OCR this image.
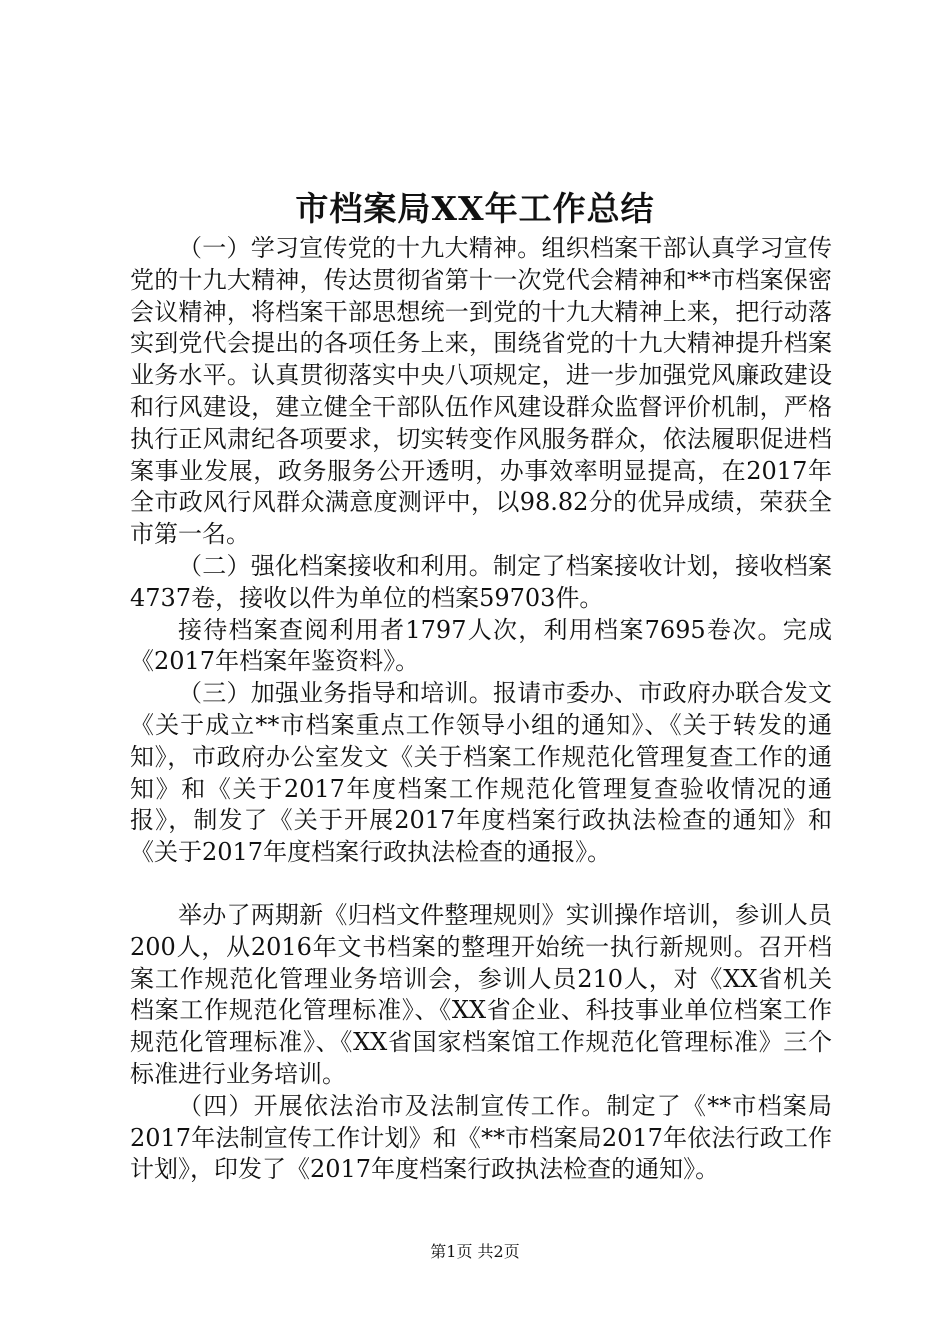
市档案局XX年工作总结

（一）学习宣传党的十九大精神。组织档案干部认真学习宣传党的十九大精神，传达贯彻省第十一次党代会精神和**市档案保密会议精神，将档案干部思想统一到党的十九大精神上来，把行动落实到党代会提出的各项任务上来，围绕省党的十九大精神提升档案业务水平。认真贯彻落实中央八项规定，进一步加强党风廉政建设和行风建设，建立健全干部队伍作风建设群众监督评价机制，严格执行正风肃纪各项要求，切实转变作风服务群众，依法履职促进档案事业发展，政务服务公开透明，办事效率明显提高，在2017年全市政风行风群众满意度测评中，以98.82分的优异成绩，荣获全市第一名。

（二）强化档案接收和利用。制定了档案接收计划，接收档案4737卷，接收以件为单位的档案59703件。

接待档案查阅利用者1797人次，利用档案7695卷次。完成《2017年档案年鉴资料》。

（三）加强业务指导和培训。报请市委办、市政府办联合发文《关于成立**市档案重点工作领导小组的通知》、《关于转发的通知》，市政府办公室发文《关于档案工作规范化管理复查工作的通知》和《关于2017年度档案工作规范化管理复查验收情况的通报》，制发了《关于开展2017年度档案行政执法检查的通知》和《关于2017年度档案行政执法检查的通报》。

举办了两期新《归档文件整理规则》实训操作培训，参训人员200人，从2016年文书档案的整理开始统一执行新规则。召开档案工作规范化管理业务培训会，参训人员210人，对《XX省机关档案工作规范化管理标准》、《XX省企业、科技事业单位档案工作规范化管理标准》、《XX省国家档案馆工作规范化管理标准》三个标准进行业务培训。

（四）开展依法治市及法制宣传工作。制定了《**市档案局2017年法制宣传工作计划》和《**市档案局2017年依法行政工作计划》，印发了《2017年度档案行政执法检查的通知》。

第1页 共2页
